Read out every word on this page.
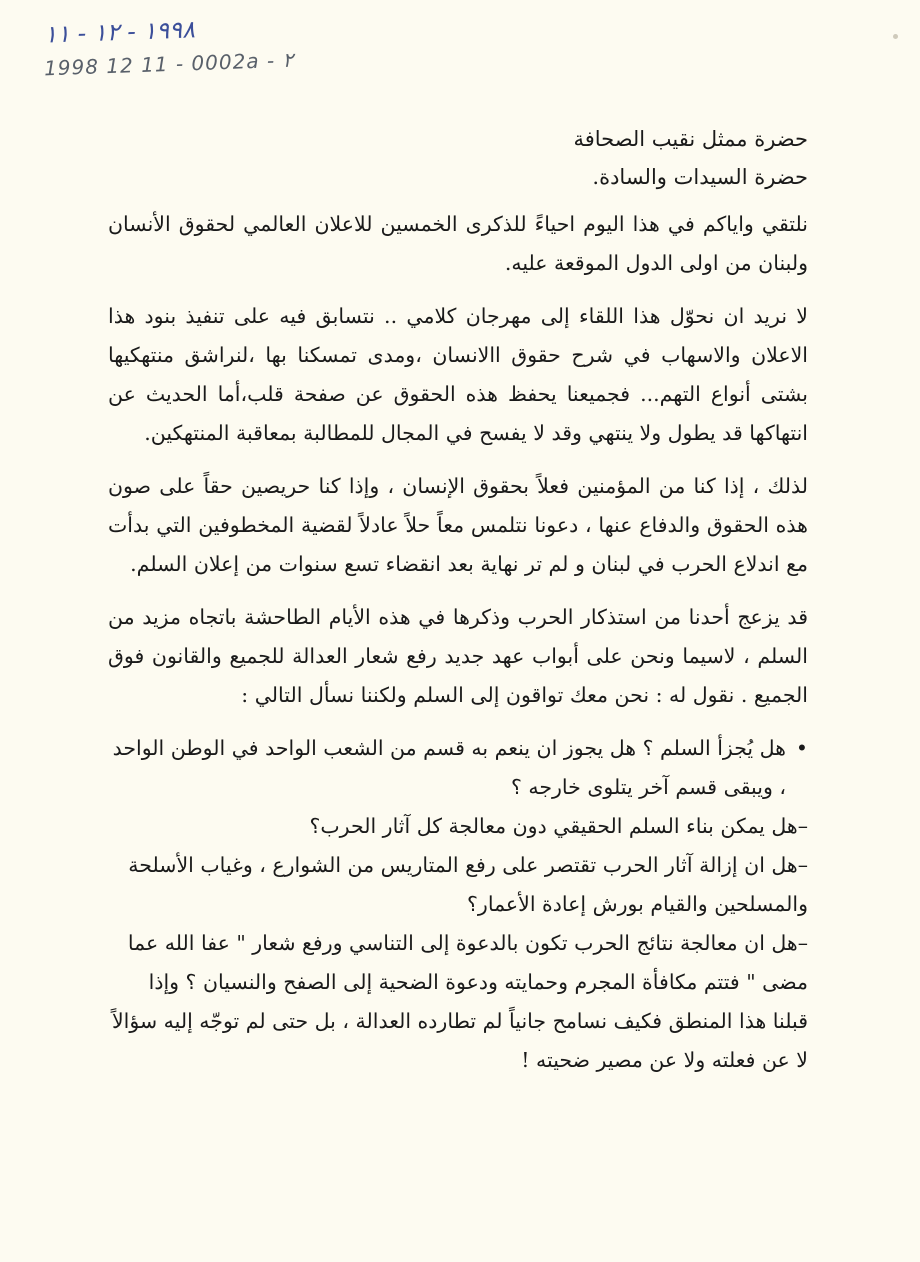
١٩٩٨ - ١٢ - ١١
1998 12 11 - 0002a - ٢
حضرة ممثل نقيب الصحافة
حضرة السيدات والسادة.

نلتقي واياكم في هذا اليوم احياءً للذكرى الخمسين للاعلان العالمي لحقوق الأنسان ولبنان من اولى الدول الموقعة عليه.

لا نريد ان نحوّل هذا اللقاء إلى مهرجان كلامي .. نتسابق فيه على تنفيذ بنود هذا الاعلان والاسهاب في شرح حقوق االانسان ،ومدى تمسكنا بها ،لنراشق منتهكيها بشتى أنواع التهم... فجميعنا يحفظ هذه الحقوق عن صفحة قلب،أما الحديث عن انتهاكها قد يطول ولا ينتهي وقد لا يفسح في المجال للمطالبة بمعاقبة المنتهكين.

لذلك ، إذا كنا من المؤمنين فعلاً بحقوق الإنسان ، وإذا كنا حريصين حقاً على صون هذه الحقوق والدفاع عنها ، دعونا نتلمس معاً حلاً عادلاً لقضية المخطوفين التي بدأت مع اندلاع الحرب في لبنان و لم تر نهاية بعد انقضاء تسع سنوات من إعلان السلم.

قد يزعج أحدنا من استذكار الحرب وذكرها في هذه الأيام الطاحشة باتجاه مزيد من السلم ، لاسيما ونحن على أبواب عهد جديد رفع شعار العدالة للجميع والقانون فوق الجميع . نقول له : نحن معك تواقون إلى السلم ولكننا نسأل التالي :

•
هل يُجزأ السلم ؟ هل يجوز ان ينعم به قسم من الشعب الواحد في الوطن الواحد ، ويبقى قسم آخر يتلوى خارجه ؟
–هل يمكن بناء السلم الحقيقي دون معالجة كل آثار الحرب؟
–هل ان إزالة آثار الحرب تقتصر على رفع المتاريس من الشوارع ، وغياب الأسلحة والمسلحين والقيام بورش إعادة الأعمار؟
–هل ان معالجة نتائج الحرب تكون بالدعوة إلى التناسي ورفع شعار " عفا الله عما مضى " فتتم مكافأة المجرم وحمايته ودعوة الضحية إلى الصفح والنسيان ؟ وإذا قبلنا هذا المنطق فكيف نسامح جانياً لم تطارده العدالة ، بل حتى لم توجّه إليه سؤالاً لا عن فعلته ولا عن مصير ضحيته !
